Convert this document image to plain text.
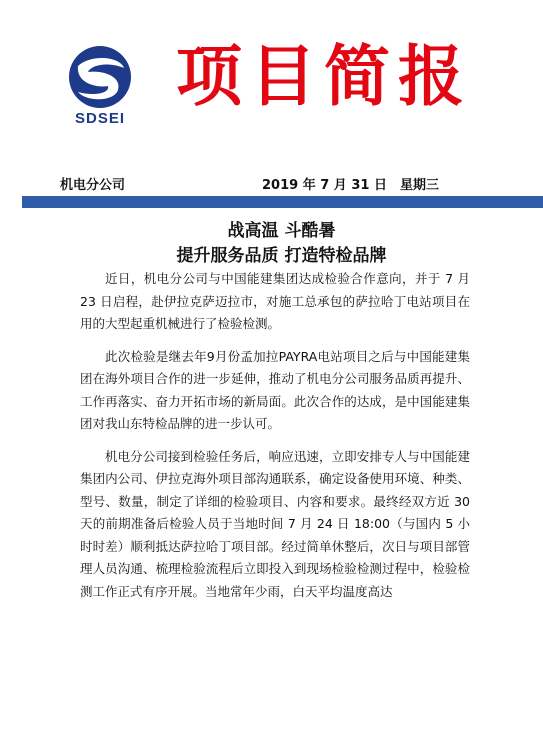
SDSEI
项目简报
机电分公司	2019 年 7 月 31 日　星期三
战高温 斗酷暑
提升服务品质 打造特检品牌

近日，机电分公司与中国能建集团达成检验合作意向，并于 7 月 23 日启程，赴伊拉克萨迈拉市，对施工总承包的萨拉哈丁电站项目在用的大型起重机械进行了检验检测。

此次检验是继去年9月份孟加拉PAYRA电站项目之后与中国能建集团在海外项目合作的进一步延伸，推动了机电分公司服务品质再提升、工作再落实、奋力开拓市场的新局面。此次合作的达成，是中国能建集团对我山东特检品牌的进一步认可。

机电分公司接到检验任务后，响应迅速，立即安排专人与中国能建集团内公司、伊拉克海外项目部沟通联系，确定设备使用环境、种类、型号、数量，制定了详细的检验项目、内容和要求。最终经双方近 30 天的前期准备后检验人员于当地时间 7 月 24 日 18:00（与国内 5 小时时差）顺利抵达萨拉哈丁项目部。经过简单休整后，次日与项目部管理人员沟通、梳理检验流程后立即投入到现场检验检测过程中，检验检测工作正式有序开展。当地常年少雨，白天平均温度高达
